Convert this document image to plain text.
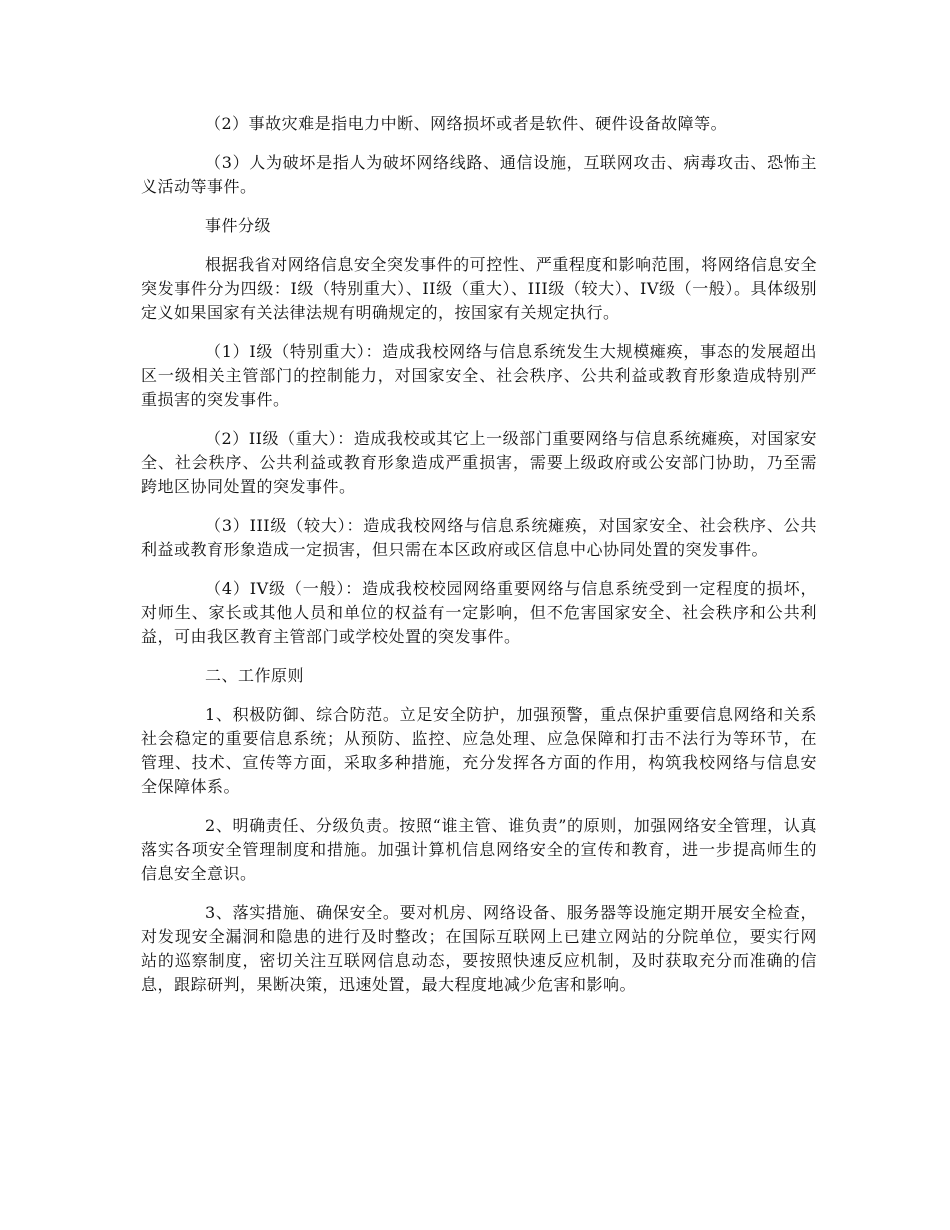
（2）事故灾难是指电力中断、网络损坏或者是软件、硬件设备故障等。

（3）人为破坏是指人为破坏网络线路、通信设施，互联网攻击、病毒攻击、恐怖主义活动等事件。

事件分级

根据我省对网络信息安全突发事件的可控性、严重程度和影响范围，将网络信息安全突发事件分为四级：I级（特别重大）、II级（重大）、III级（较大）、IV级（一般）。具体级别定义如果国家有关法律法规有明确规定的，按国家有关规定执行。

（1）I级（特别重大）：造成我校网络与信息系统发生大规模瘫痪，事态的发展超出区一级相关主管部门的控制能力，对国家安全、社会秩序、公共利益或教育形象造成特别严重损害的突发事件。

（2）II级（重大）：造成我校或其它上一级部门重要网络与信息系统瘫痪，对国家安全、社会秩序、公共利益或教育形象造成严重损害，需要上级政府或公安部门协助，乃至需跨地区协同处置的突发事件。

（3）III级（较大）：造成我校网络与信息系统瘫痪，对国家安全、社会秩序、公共利益或教育形象造成一定损害，但只需在本区政府或区信息中心协同处置的突发事件。

（4）IV级（一般）：造成我校校园网络重要网络与信息系统受到一定程度的损坏，对师生、家长或其他人员和单位的权益有一定影响，但不危害国家安全、社会秩序和公共利益，可由我区教育主管部门或学校处置的突发事件。

二、工作原则

1、积极防御、综合防范。立足安全防护，加强预警，重点保护重要信息网络和关系社会稳定的重要信息系统；从预防、监控、应急处理、应急保障和打击不法行为等环节，在管理、技术、宣传等方面，采取多种措施，充分发挥各方面的作用，构筑我校网络与信息安全保障体系。

2、明确责任、分级负责。按照“谁主管、谁负责”的原则，加强网络安全管理，认真落实各项安全管理制度和措施。加强计算机信息网络安全的宣传和教育，进一步提高师生的信息安全意识。

3、落实措施、确保安全。要对机房、网络设备、服务器等设施定期开展安全检查，对发现安全漏洞和隐患的进行及时整改；在国际互联网上已建立网站的分院单位，要实行网站的巡察制度，密切关注互联网信息动态，要按照快速反应机制，及时获取充分而准确的信息，跟踪研判，果断决策，迅速处置，最大程度地减少危害和影响。
